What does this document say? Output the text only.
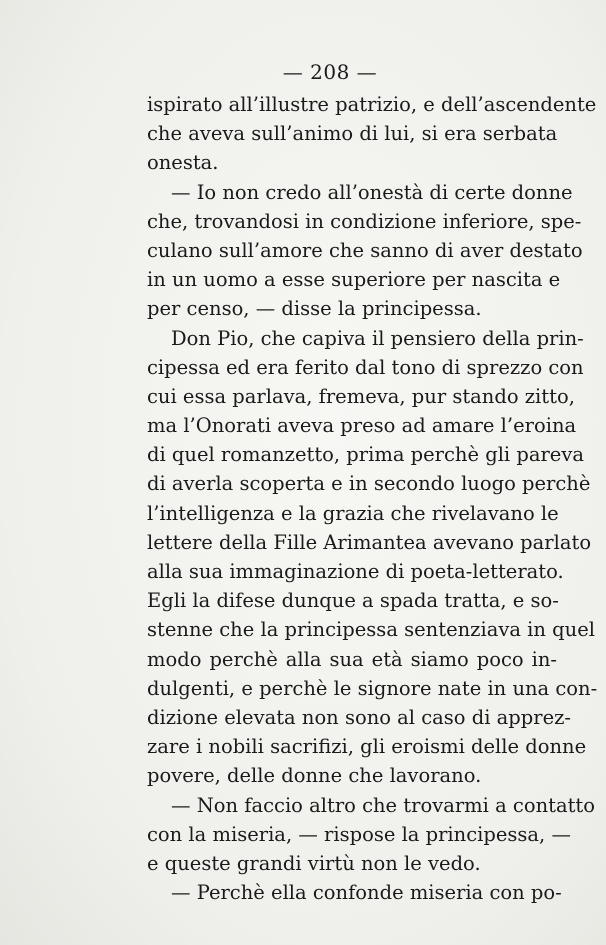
— 208 —
ispirato all’illustre patrizio, e dell’ascendente
che aveva sull’animo di lui, si era serbata
onesta.
— Io non credo all’onestà di certe donne
che, trovandosi in condizione inferiore, spe-
culano sull’amore che sanno di aver destato
in un uomo a esse superiore per nascita e
per censo, — disse la principessa.
Don Pio, che capiva il pensiero della prin-
cipessa ed era ferito dal tono di sprezzo con
cui essa parlava, fremeva, pur stando zitto,
ma l’Onorati aveva preso ad amare l’eroina
di quel romanzetto, prima perchè gli pareva
di averla scoperta e in secondo luogo perchè
l’intelligenza e la grazia che rivelavano le
lettere della Fille Arimantea avevano parlato
alla sua immaginazione di poeta-letterato.
Egli la difese dunque a spada tratta, e so-
stenne che la principessa sentenziava in quel
modo perchè alla sua età siamo poco in-
dulgenti, e perchè le signore nate in una con-
dizione elevata non sono al caso di apprez-
zare i nobili sacrifizi, gli eroismi delle donne
povere, delle donne che lavorano.
— Non faccio altro che trovarmi a contatto
con la miseria, — rispose la principessa, —
e queste grandi virtù non le vedo.
— Perchè ella confonde miseria con po-
